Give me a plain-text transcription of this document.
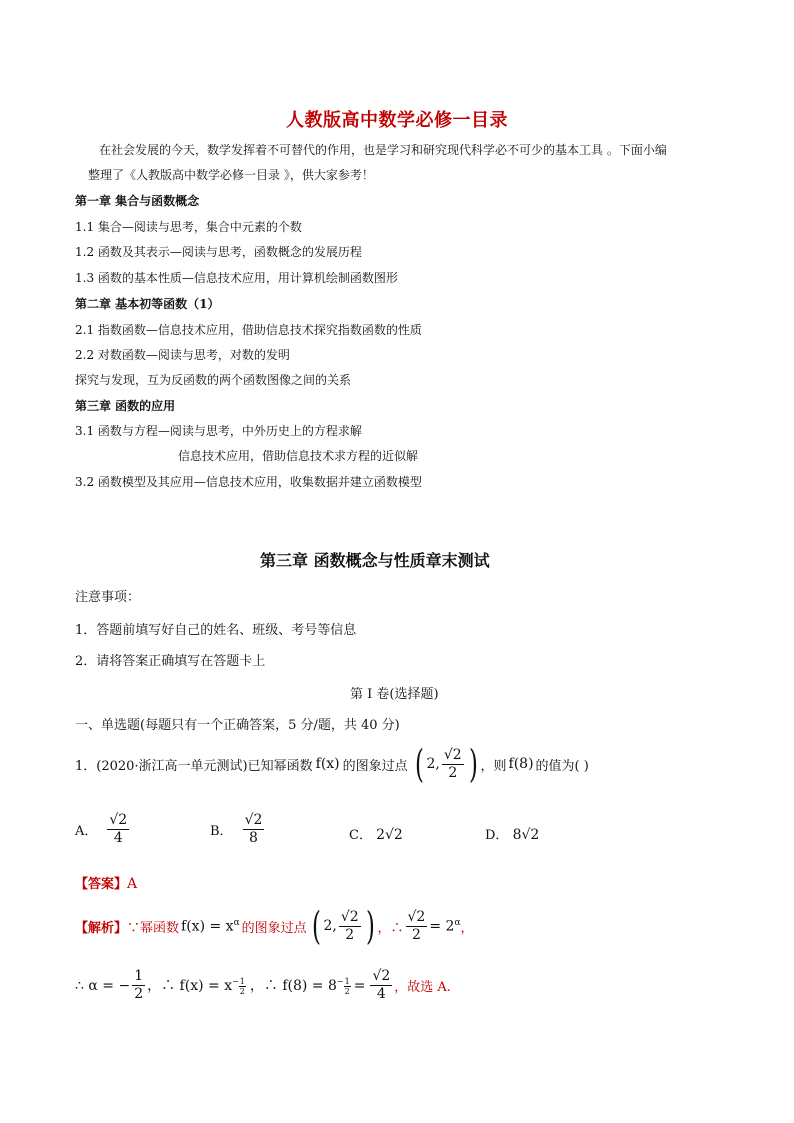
人教版高中数学必修一目录
在社会发展的今天，数学发挥着不可替代的作用，也是学习和研究现代科学必不可少的基本工具 。下面小编
整理了《人教版高中数学必修一目录 》，供大家参考！
第一章 集合与函数概念
1.1 集合—阅读与思考，集合中元素的个数
1.2 函数及其表示—阅读与思考，函数概念的发展历程
1.3 函数的基本性质—信息技术应用，用计算机绘制函数图形
第二章 基本初等函数（1）
2.1 指数函数—信息技术应用，借助信息技术探究指数函数的性质
2.2 对数函数—阅读与思考，对数的发明
探究与发现，互为反函数的两个函数图像之间的关系
第三章 函数的应用
3.1 函数与方程—阅读与思考，中外历史上的方程求解
信息技术应用，借助信息技术求方程的近似解
3.2 函数模型及其应用—信息技术应用，收集数据并建立函数模型
第三章 函数概念与性质章末测试
注意事项：
1．答题前填写好自己的姓名、班级、考号等信息
2．请将答案正确填写在答题卡上
第 I 卷(选择题)
一、单选题(每题只有一个正确答案，5 分/题，共 40 分)
1．(2020·浙江高一单元测试)已知幂函数 f(x) 的图象过点 ( 2, $\frac{√2}{2}$ ) ，则 f(8) 的值为( )
A． $\frac{√2}{4}$	B． $\frac{√2}{8}$	C． 2√2	D． 8√2
【答案】A
【解析】 ∵幂函数 $f(x) = x^\alpha$ 的图象过点 ( 2, $\frac{√2}{2}$ ) ，∴ $\frac{√2}{2} = 2^\alpha$ ，
∴ α = − $\frac{1}{2}$ ，∴ $f(x) = x - \frac{1}{2}$ ，∴ $f(8) = 8 - \frac{1}{2} = \frac{√2}{4}$ ，故选 A.
